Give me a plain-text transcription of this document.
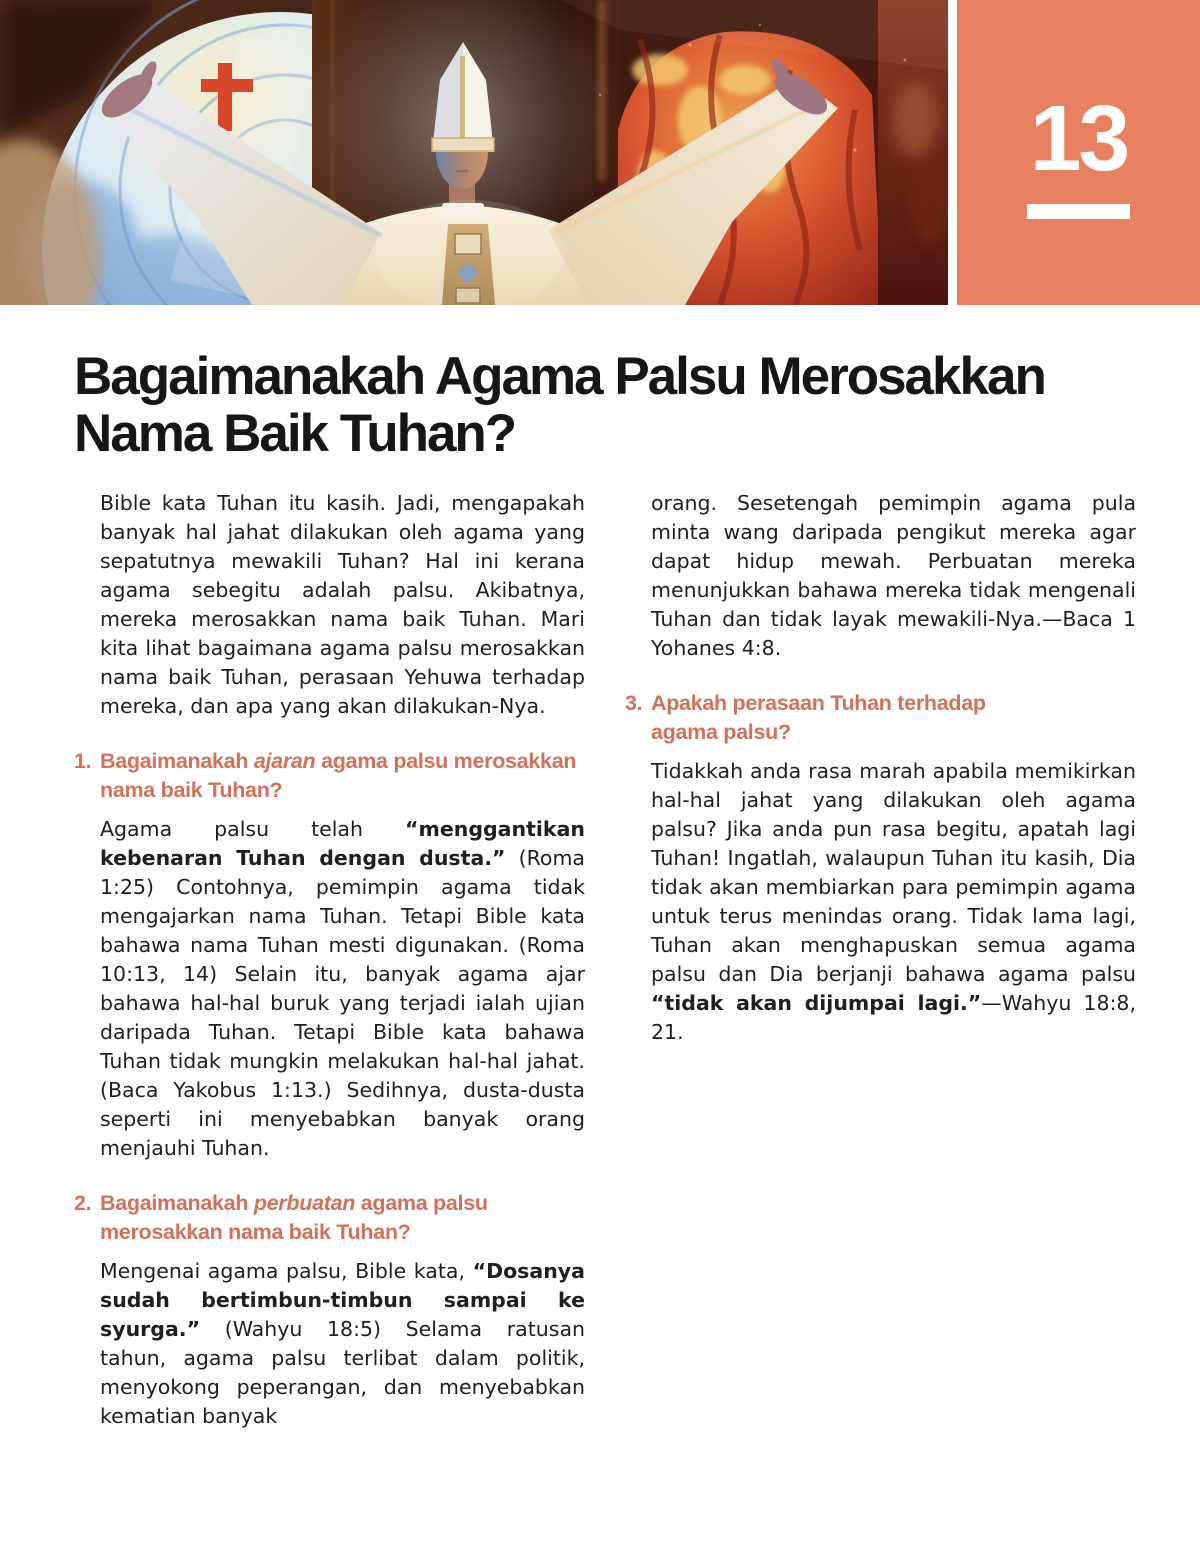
13
Bagaimanakah Agama Palsu Merosakkan Nama Baik Tuhan?

Bible kata Tuhan itu kasih. Jadi, mengapakah banyak hal jahat dilakukan oleh agama yang sepatutnya mewakili Tuhan? Hal ini kerana agama sebegitu adalah palsu. Akibatnya, mereka merosakkan nama baik Tuhan. Mari kita lihat bagaimana agama palsu merosakkan nama baik Tuhan, perasaan Yehuwa terhadap mereka, dan apa yang akan dilakukan-Nya.

1. Bagaimanakah ajaran agama palsu merosakkan nama baik Tuhan?

Agama palsu telah “menggantikan kebenaran Tuhan dengan dusta.” (Roma 1:25) Contohnya, pemimpin agama tidak mengajarkan nama Tuhan. Tetapi Bible kata bahawa nama Tuhan mesti digunakan. (Roma 10:13, 14) Selain itu, banyak agama ajar bahawa hal-hal buruk yang terjadi ialah ujian daripada Tuhan. Tetapi Bible kata bahawa Tuhan tidak mungkin melakukan hal-hal jahat. (Baca Yakobus 1:13.) Sedihnya, dusta-dusta seperti ini menyebabkan banyak orang menjauhi Tuhan.

2. Bagaimanakah perbuatan agama palsu merosakkan nama baik Tuhan?

Mengenai agama palsu, Bible kata, “Dosanya sudah bertimbun-timbun sampai ke syurga.” (Wahyu 18:5) Selama ratusan tahun, agama palsu terlibat dalam politik, menyokong peperangan, dan menyebabkan kematian banyak

orang. Sesetengah pemimpin agama pula minta wang daripada pengikut mereka agar dapat hidup mewah. Perbuatan mereka menunjukkan bahawa mereka tidak mengenali Tuhan dan tidak layak mewakili-Nya.—Baca 1 Yohanes 4:8.

3. Apakah perasaan Tuhan terhadap
agama palsu?

Tidakkah anda rasa marah apabila memikirkan hal-hal jahat yang dilakukan oleh agama palsu? Jika anda pun rasa begitu, apatah lagi Tuhan! Ingatlah, walaupun Tuhan itu kasih, Dia tidak akan membiarkan para pemimpin agama untuk terus menindas orang. Tidak lama lagi, Tuhan akan menghapuskan semua agama palsu dan Dia berjanji bahawa agama palsu “tidak akan dijumpai lagi.”—Wahyu 18:8, 21.
